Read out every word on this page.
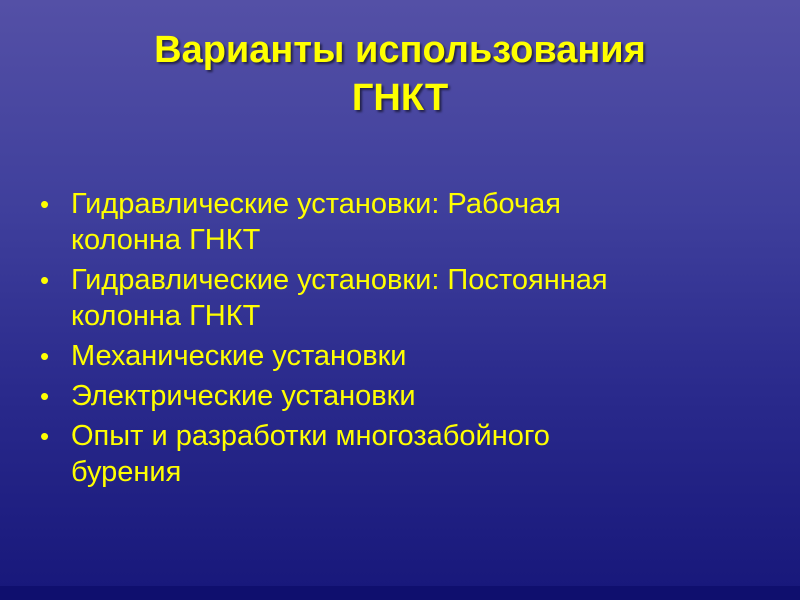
Варианты использования
ГНКТ
• Гидравлические установки: Рабочая
колонна ГНКТ
• Гидравлические установки: Постоянная
колонна ГНКТ
• Механические установки
• Электрические установки
• Опыт и разработки многозабойного
бурения
